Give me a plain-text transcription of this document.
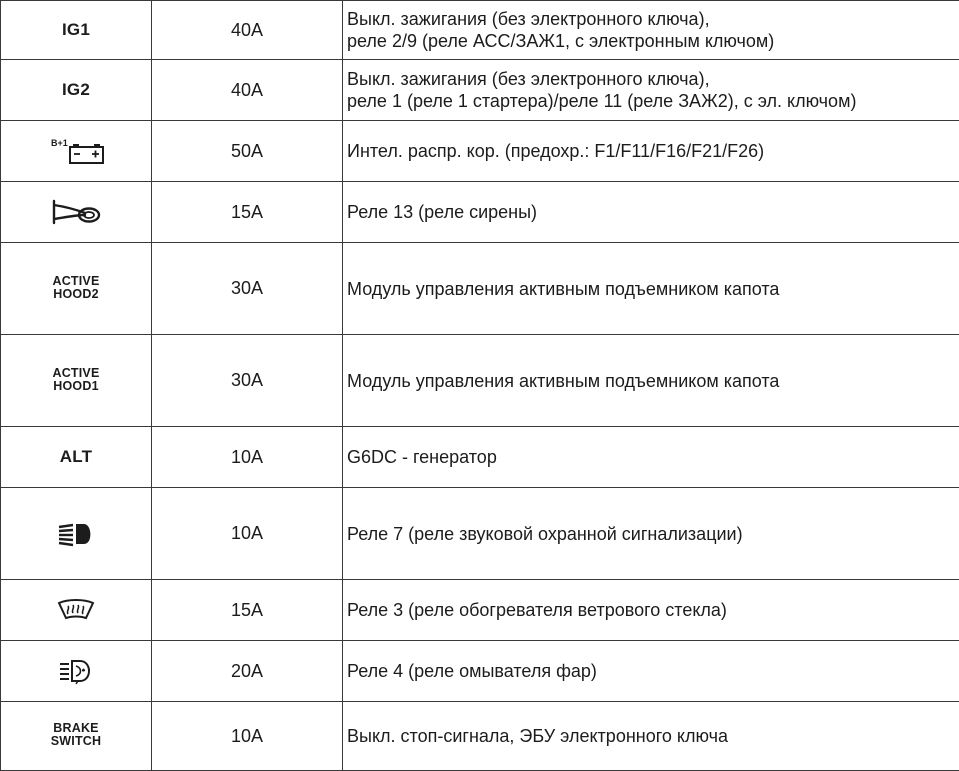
IG1	40A	Выкл. зажигания (без электронного ключа),
реле 2/9 (реле АСС/ЗАЖ1, с электронным ключом)

IG2	40A	Выкл. зажигания (без электронного ключа),
реле 1 (реле 1 стартера)/реле 11 (реле ЗАЖ2), с эл. ключом)

B+1	50A	Интел. распр. кор. (предохр.: F1/F11/F16/F21/F26)

	15A	Реле 13 (реле сирены)

ACTIVE
HOOD2	30A	Модуль управления активным подъемником капота

ACTIVE
HOOD1	30A	Модуль управления активным подъемником капота

ALT	10A	G6DC - генератор

	10A	Реле 7 (реле звуковой охранной сигнализации)

	15A	Реле 3 (реле обогревателя ветрового стекла)

	20A	Реле 4 (реле омывателя фар)

BRAKE
SWITCH	10A	Выкл. стоп-сигнала, ЭБУ электронного ключа
